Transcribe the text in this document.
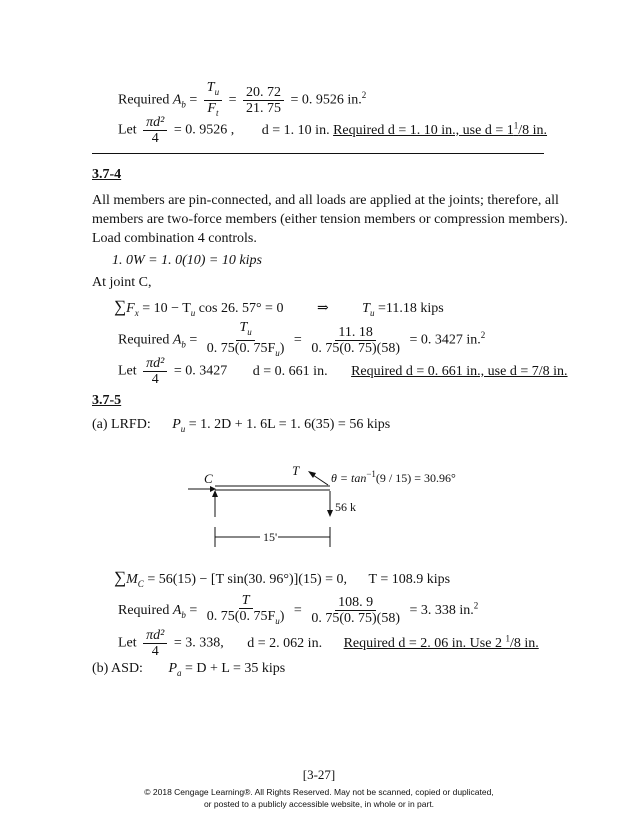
Required $A_b = \frac{T_u}{F_t} = \frac{20. 72}{21. 75} = 0$. 9526 in.$^2$
Let $\frac{\text{πd²}}{4} = 0$. 9526 , d = 1. 10 in. Required d = 1. 10 in., use $d = 1^1/8$ in.
3.7-4
All members are pin-connected, and all loads are applied at the joints; therefore, all
members are two-force members (either tension members or compression members).
Load combination 4 controls.
1. 0W = 1. 0(10) = 10 kips
At joint C,
$\sum F_x = 10 - T_u$ cos 26. 57° = 0 ⇒ $T_u =11.18$ kips
Required $A_b = \frac{T_u}{0. 75(0. 75F_u)} = \frac{11. 18}{0. 75(0. 75)(58)} = 0$. 3427 in.$^2$
Let $\frac{\text{πd²}}{4} = 0$. 3427 d = 0. 661 in. Required d = 0. 661 in., use d = 7/8 in.
3.7-5
(a) LRFD: $P_u = 1$. 2D + 1. 6L = 1. 6(35) = 56 kips
C
T	$\theta = \tan^{-1}(9 / 15) = 30.96^\circ$
56 k
15'
$\sum M_C = 56(15) - [T$ sin(30. 96°)](15) = 0, T = 108.9 kips
Required $A_b = \frac{T}{0. 75(0. 75F_u)} = \frac{108. 9}{0. 75(0. 75)(58)} = 3$. 338 in.$^2$
Let $\frac{\text{πd²}}{4} = 3$. 338, d = 2. 062 in. Required d = 2. 06 in. Use 2 $^1$/8 in.
(b) ASD: $P_a = D + L = 35$ kips
[3-27]
© 2018 Cengage Learning®. All Rights Reserved. May not be scanned, copied or duplicated,
or posted to a publicly accessible website, in whole or in part.
